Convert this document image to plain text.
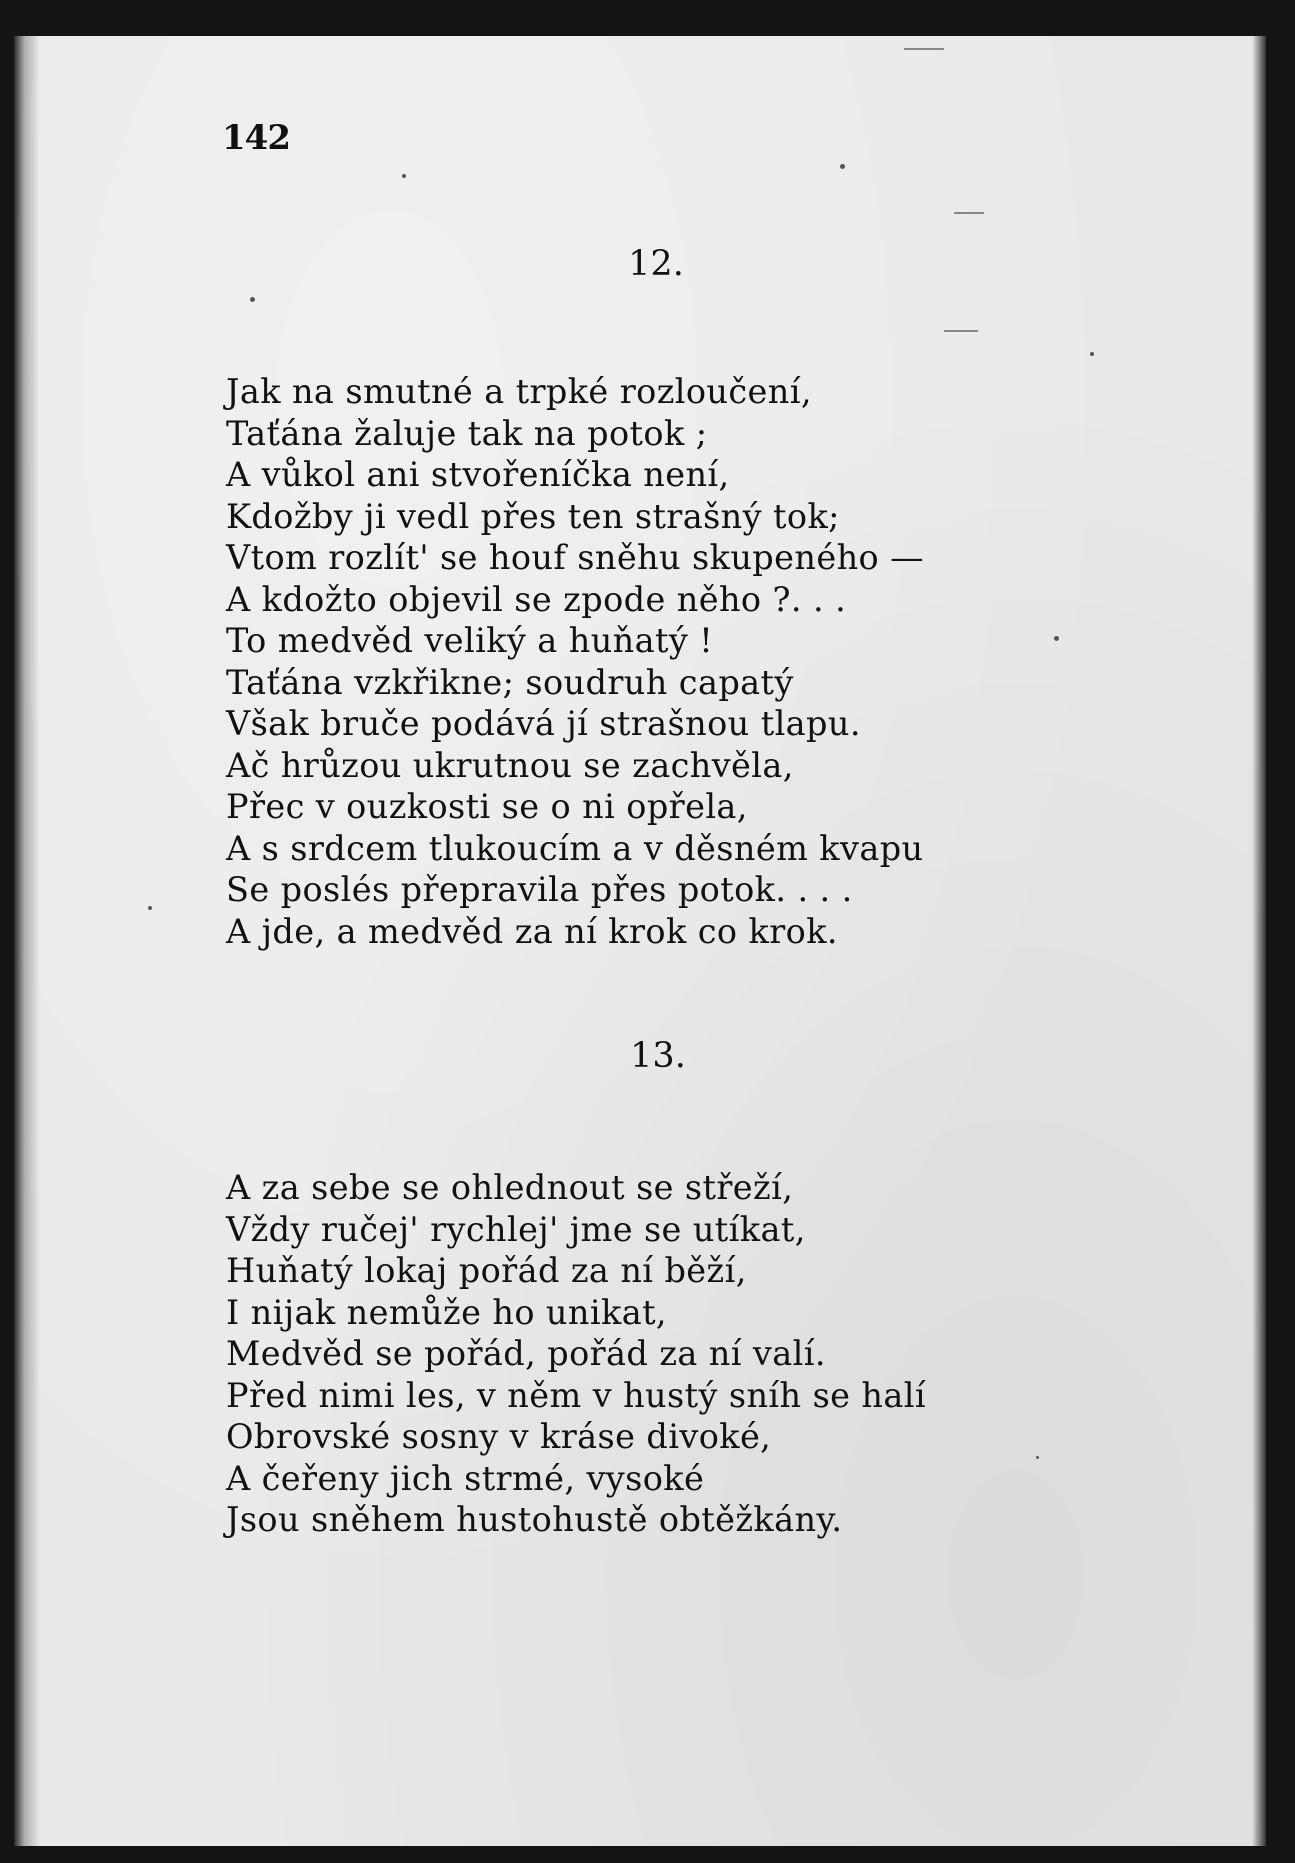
142
12.
Jak na smutné a trpké rozloučení,
Taťána žaluje tak na potok ;
A vůkol ani stvořeníčka není,
Kdožby ji vedl přes ten strašný tok;
Vtom rozlít' se houf sněhu skupeného —
A kdožto objevil se zpode něho ?. . .
To medvěd veliký a huňatý !
Taťána vzkřikne; soudruh capatý
Však bruče podává jí strašnou tlapu.
Ač hrůzou ukrutnou se zachvěla,
Přec v ouzkosti se o ni opřela,
A s srdcem tlukoucím a v děsném kvapu
Se poslés přepravila přes potok. . . .
A jde, a medvěd za ní krok co krok.
13.
A za sebe se ohlednout se střeží,
Vždy ručej' rychlej' jme se utíkat,
Huňatý lokaj pořád za ní běží,
I nijak nemůže ho unikat,
Medvěd se pořád, pořád za ní valí.
Před nimi les, v něm v hustý sníh se halí
Obrovské sosny v kráse divoké,
A čeřeny jich strmé, vysoké
Jsou sněhem hustohustě obtěžkány.
